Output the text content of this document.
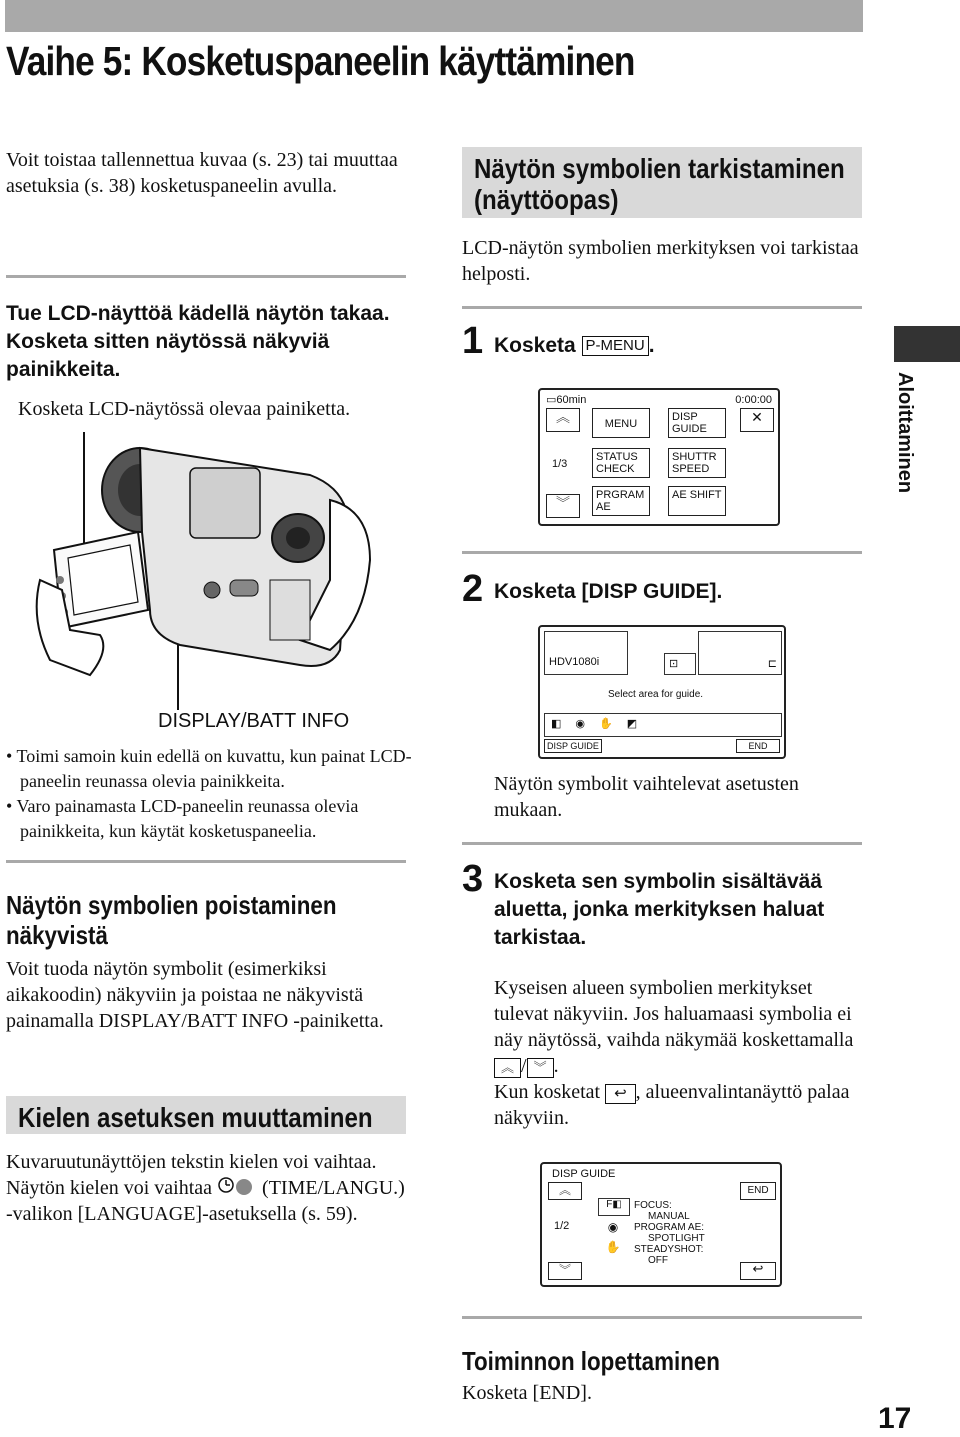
Vaihe 5: Kosketuspaneelin käyttäminen
Voit toistaa tallennettua kuvaa (s. 23) tai muuttaa asetuksia (s. 38) kosketuspaneelin avulla.
Tue LCD-näyttöä kädellä näytön takaa. Kosketa sitten näytössä näkyviä painikkeita.
Kosketa LCD-näytössä olevaa painiketta.
DISPLAY/BATT INFO
• Toimi samoin kuin edellä on kuvattu, kun painat LCD-paneelin reunassa olevia painikkeita.
• Varo painamasta LCD-paneelin reunassa olevia painikkeita, kun käytät kosketuspaneelia.
Näytön symbolien poistaminen näkyvistä
Voit tuoda näytön symbolit (esimerkiksi aikakoodin) näkyviin ja poistaa ne näkyvistä painamalla DISPLAY/BATT INFO -painiketta.
Kielen asetuksen muuttaminen
Kuvaruutunäyttöjen tekstin kielen voi vaihtaa. Näytön kielen voi vaihtaa	(TIME/LANGU.) -valikon [LANGUAGE]-asetuksella (s. 59).
Näytön symbolien tarkistaminen (näyttöopas)
LCD-näytön symbolien merkityksen voi tarkistaa helposti.
1 Kosketa P-MENU .
▭60min	0:00:00
︽	MENU
DISP GUIDE
✕
1/3
STATUS CHECK
SHUTTR SPEED
︾	PRGRAM AE
AE SHIFT
2 Kosketa [DISP GUIDE].
HDV1080i	⊡	⊏
Select area for guide.
◧◉✋◩
DISP GUIDE	END
Näytön symbolit vaihtelevat asetusten mukaan.
3 Kosketa sen symbolin sisältävää aluetta, jonka merkityksen haluat tarkistaa.
Kyseisen alueen symbolien merkitykset tulevat näkyviin. Jos haluamaasi symbolia ei näy näytössä, vaihda näkymää koskettamalla ︽ / ︾ .
Kun kosketat ↩ , alueenvalintanäyttö palaa näkyviin.
DISP GUIDE
︽	END
1/2
F◧
◉
✋
FOCUS:
MANUAL
PROGRAM AE:
SPOTLIGHT
STEADYSHOT:
OFF
︾	↩
Toiminnon lopettaminen
Kosketa [END].
Aloittaminen
17
